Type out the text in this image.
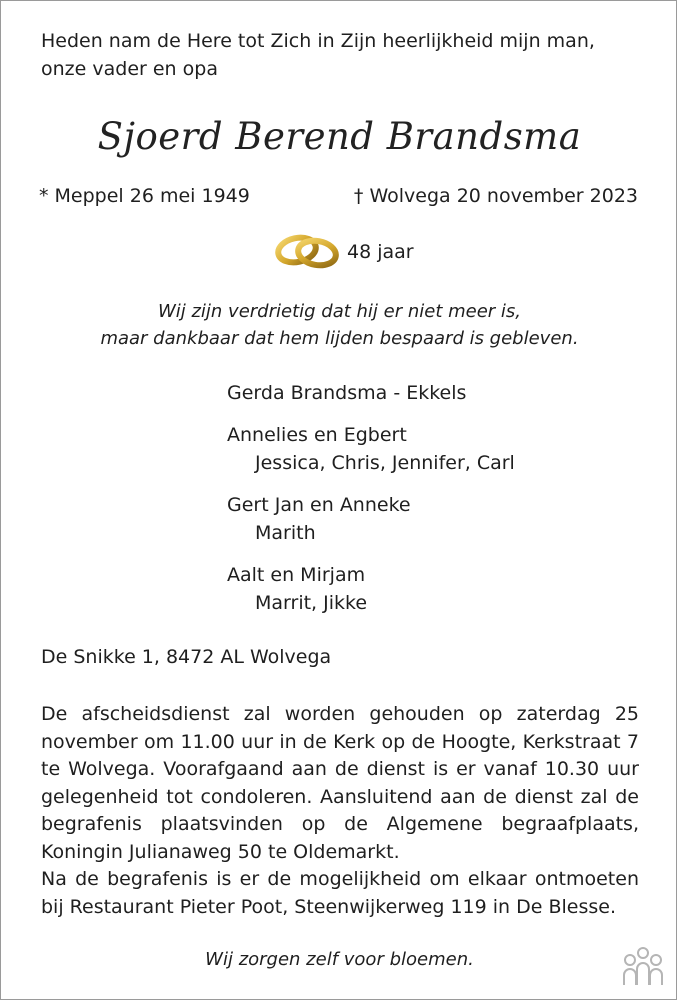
Heden nam de Here tot Zich in Zijn heerlijkheid mijn man,
onze vader en opa
Sjoerd Berend Brandsma
* Meppel 26 mei 1949	† Wolvega 20 november 2023
48 jaar
Wij zijn verdrietig dat hij er niet meer is,
maar dankbaar dat hem lijden bespaard is gebleven.
Gerda Brandsma - Ekkels
Annelies en Egbert
Jessica, Chris, Jennifer, Carl
Gert Jan en Anneke
Marith
Aalt en Mirjam
Marrit, Jikke
De Snikke 1, 8472 AL Wolvega

De afscheidsdienst zal worden gehouden op zaterdag 25 november om 11.00 uur in de Kerk op de Hoogte, Kerkstraat 7 te Wolvega. Voorafgaand aan de dienst is er vanaf 10.30 uur gelegenheid tot condoleren. Aansluitend aan de dienst zal de begrafenis plaatsvinden op de Algemene begraafplaats, Koningin Julianaweg 50 te Oldemarkt.

Na de begrafenis is er de mogelijkheid om elkaar ontmoeten bij Restaurant Pieter Poot, Steenwijkerweg 119 in De Blesse.

Wij zorgen zelf voor bloemen.
